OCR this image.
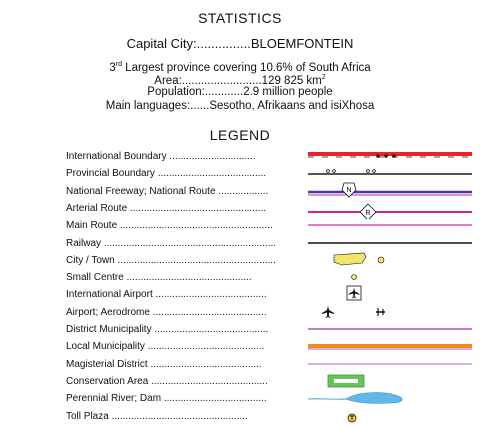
STATISTICS
Capital City:...............BLOEMFONTEIN
3rd Largest province covering 10.6% of South Africa
Area:.........................129 825 $km^2$
Population:............2.9 million people
Main languages:......Sesotho, Afrikaans and isiXhosa
LEGEND
International Boundary ...............................
Provincial Boundary .......................................
National Freeway; National Route ..................	N
Arterial Route .................................................	R
Main Route .......................................................
Railway ..............................................................
City / Town .........................................................
Small Centre .............................................
International Airport ........................................
Airport; Aerodrome .........................................
District Municipality .........................................
Local Municipality ..........................................
Magisterial District ........................................
Conservation Area ..........................................
Perennial River; Dam .....................................
Toll Plaza .................................................
